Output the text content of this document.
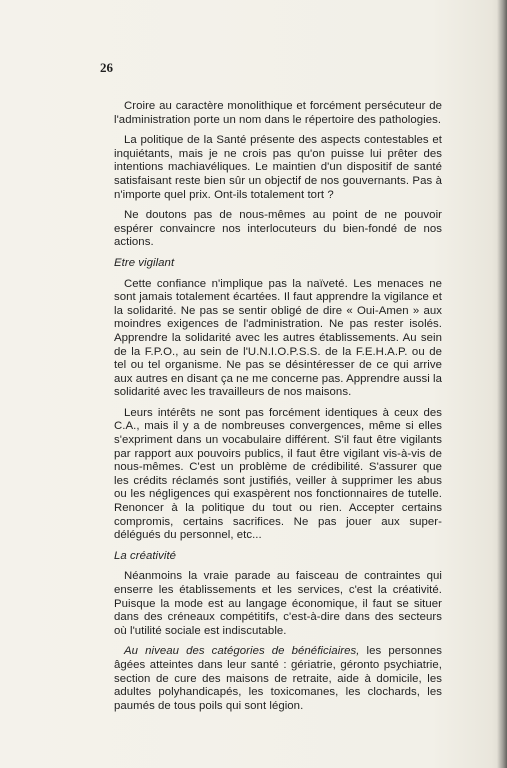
26

Croire au caractère monolithique et forcément persécuteur de l'administration porte un nom dans le répertoire des pathologies.

La politique de la Santé présente des aspects contestables et inquiétants, mais je ne crois pas qu'on puisse lui prêter des intentions machiavéliques. Le maintien d'un dispositif de santé satisfaisant reste bien sûr un objectif de nos gouvernants. Pas à n'importe quel prix. Ont-ils totalement tort ?

Ne doutons pas de nous-mêmes au point de ne pouvoir espérer convaincre nos interlocuteurs du bien-fondé de nos actions.

Etre vigilant

Cette confiance n'implique pas la naïveté. Les menaces ne sont jamais totalement écartées. Il faut apprendre la vigilance et la solidarité. Ne pas se sentir obligé de dire « Oui-Amen » aux moindres exigences de l'administration. Ne pas rester isolés. Apprendre la solidarité avec les autres établissements. Au sein de la F.P.O., au sein de l'U.N.I.O.P.S.S. de la F.E.H.A.P. ou de tel ou tel organisme. Ne pas se désintéresser de ce qui arrive aux autres en disant ça ne me concerne pas. Apprendre aussi la solidarité avec les travailleurs de nos maisons.

Leurs intérêts ne sont pas forcément identiques à ceux des C.A., mais il y a de nombreuses convergences, même si elles s'expriment dans un vocabulaire différent. S'il faut être vigilants par rapport aux pouvoirs publics, il faut être vigilant vis-à-vis de nous-mêmes. C'est un problème de crédibilité. S'assurer que les crédits réclamés sont justifiés, veiller à supprimer les abus ou les négligences qui exaspèrent nos fonctionnaires de tutelle. Renoncer à la politique du tout ou rien. Accepter certains compromis, certains sacrifices. Ne pas jouer aux super-délégués du personnel, etc...

La créativité

Néanmoins la vraie parade au faisceau de contraintes qui enserre les établissements et les services, c'est la créativité. Puisque la mode est au langage économique, il faut se situer dans des créneaux compétitifs, c'est-à-dire dans des secteurs où l'utilité sociale est indiscutable.

Au niveau des catégories de bénéficiaires, les personnes âgées atteintes dans leur santé : gériatrie, géronto psychiatrie, section de cure des maisons de retraite, aide à domicile, les adultes polyhandicapés, les toxicomanes, les clochards, les paumés de tous poils qui sont légion.
